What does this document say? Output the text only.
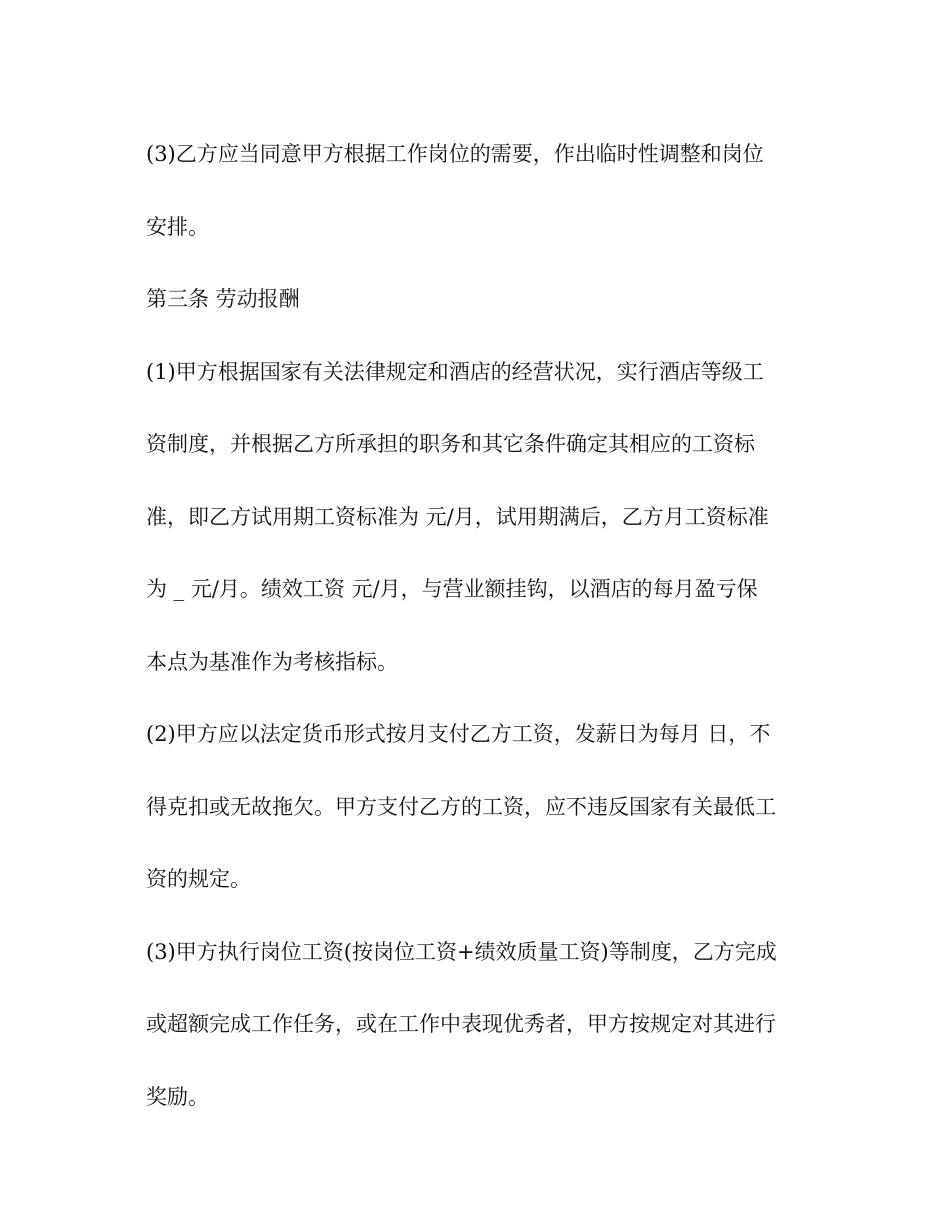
(3)乙方应当同意甲方根据工作岗位的需要，作出临时性调整和岗位
安排。
第三条 劳动报酬
(1)甲方根据国家有关法律规定和酒店的经营状况，实行酒店等级工
资制度，并根据乙方所承担的职务和其它条件确定其相应的工资标
准，即乙方试用期工资标准为 元/月，试用期满后，乙方月工资标准
为 _ 元/月。绩效工资 元/月，与营业额挂钩，以酒店的每月盈亏保
本点为基准作为考核指标。
(2)甲方应以法定货币形式按月支付乙方工资，发薪日为每月 日，不
得克扣或无故拖欠。甲方支付乙方的工资，应不违反国家有关最低工
资的规定。
(3)甲方执行岗位工资(按岗位工资+绩效质量工资)等制度，乙方完成
或超额完成工作任务，或在工作中表现优秀者，甲方按规定对其进行
奖励。
